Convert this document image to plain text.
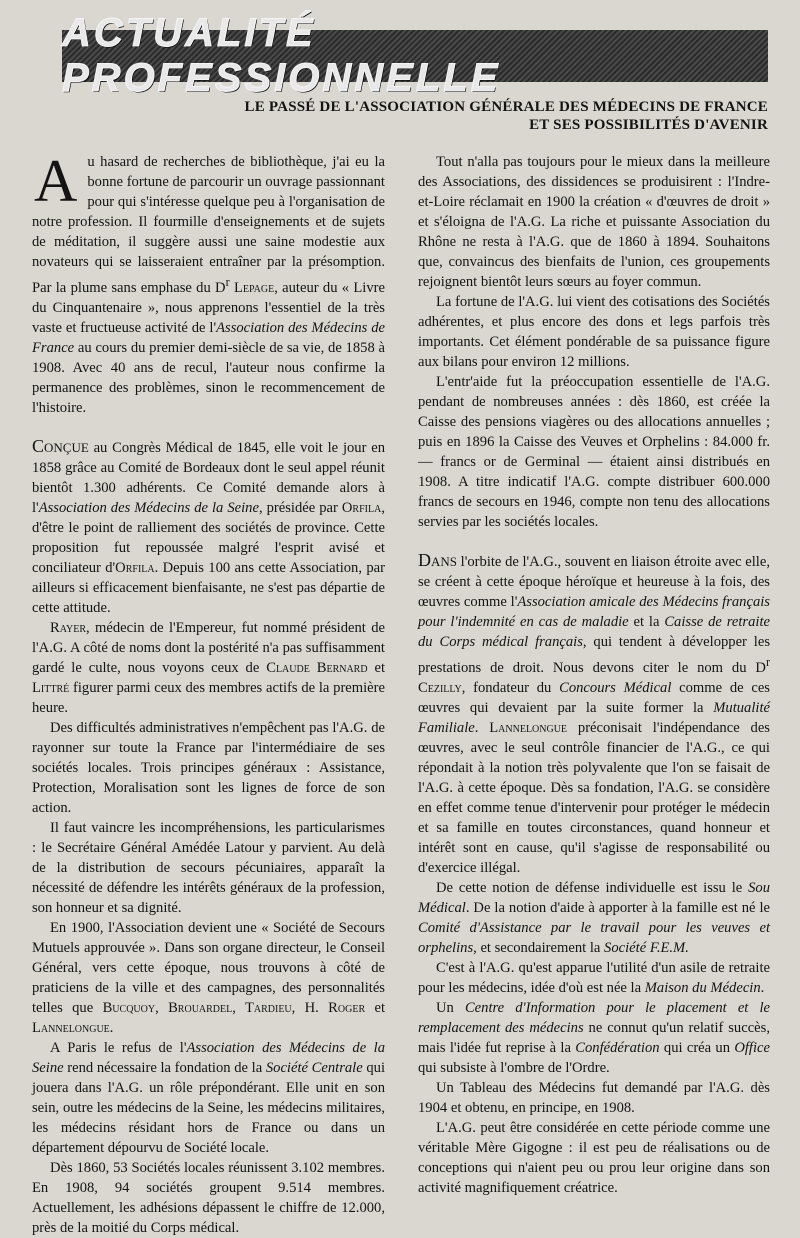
ACTUALITÉ PROFESSIONNELLE
LE PASSÉ DE L'ASSOCIATION GÉNÉRALE DES MÉDECINS DE FRANCE
ET SES POSSIBILITÉS D'AVENIR

Au hasard de recherches de bibliothèque, j'ai eu la bonne fortune de parcourir un ouvrage passionnant pour qui s'intéresse quelque peu à l'organisation de notre profession. Il fourmille d'enseignements et de sujets de méditation, il suggère aussi une saine modestie aux novateurs qui se laisseraient entraîner par la présomption. Par la plume sans emphase du $D^r$ Lepage, auteur du « Livre du Cinquantenaire », nous apprenons l'essentiel de la très vaste et fructueuse activité de l'Association des Médecins de France au cours du premier demi-siècle de sa vie, de 1858 à 1908. Avec 40 ans de recul, l'auteur nous confirme la permanence des problèmes, sinon le recommencement de l'histoire.

Conçue au Congrès Médical de 1845, elle voit le jour en 1858 grâce au Comité de Bordeaux dont le seul appel réunit bientôt 1.300 adhérents. Ce Comité demande alors à l'Association des Médecins de la Seine, présidée par Orfila, d'être le point de ralliement des sociétés de province. Cette proposition fut repoussée malgré l'esprit avisé et conciliateur d'Orfila. Depuis 100 ans cette Association, par ailleurs si efficacement bienfaisante, ne s'est pas départie de cette attitude.

Rayer, médecin de l'Empereur, fut nommé président de l'A.G. A côté de noms dont la postérité n'a pas suffisamment gardé le culte, nous voyons ceux de Claude Bernard et Littré figurer parmi ceux des membres actifs de la première heure.

Des difficultés administratives n'empêchent pas l'A.G. de rayonner sur toute la France par l'intermédiaire de ses sociétés locales. Trois principes généraux : Assistance, Protection, Moralisation sont les lignes de force de son action.

Il faut vaincre les incompréhensions, les particularismes : le Secrétaire Général Amédée Latour y parvient. Au delà de la distribution de secours pécuniaires, apparaît la nécessité de défendre les intérêts généraux de la profession, son honneur et sa dignité.

En 1900, l'Association devient une « Société de Secours Mutuels approuvée ». Dans son organe directeur, le Conseil Général, vers cette époque, nous trouvons à côté de praticiens de la ville et des campagnes, des personnalités telles que Bucquoy, Brouardel, Tardieu, H. Roger et Lannelongue.

A Paris le refus de l'Association des Médecins de la Seine rend nécessaire la fondation de la Société Centrale qui jouera dans l'A.G. un rôle prépondérant. Elle unit en son sein, outre les médecins de la Seine, les médecins militaires, les médecins résidant hors de France ou dans un département dépourvu de Société locale.

Dès 1860, 53 Sociétés locales réunissent 3.102 membres. En 1908, 94 sociétés groupent 9.514 membres. Actuellement, les adhésions dépassent le chiffre de 12.000, près de la moitié du Corps médical.

Tout n'alla pas toujours pour le mieux dans la meilleure des Associations, des dissidences se produisirent : l'Indre-et-Loire réclamait en 1900 la création « d'œuvres de droit » et s'éloigna de l'A.G. La riche et puissante Association du Rhône ne resta à l'A.G. que de 1860 à 1894. Souhaitons que, convaincus des bienfaits de l'union, ces groupements rejoignent bientôt leurs sœurs au foyer commun.

La fortune de l'A.G. lui vient des cotisations des Sociétés adhérentes, et plus encore des dons et legs parfois très importants. Cet élément pondérable de sa puissance figure aux bilans pour environ 12 millions.

L'entr'aide fut la préoccupation essentielle de l'A.G. pendant de nombreuses années : dès 1860, est créée la Caisse des pensions viagères ou des allocations annuelles ; puis en 1896 la Caisse des Veuves et Orphelins : 84.000 fr. — francs or de Germinal — étaient ainsi distribués en 1908. A titre indicatif l'A.G. compte distribuer 600.000 francs de secours en 1946, compte non tenu des allocations servies par les sociétés locales.

Dans l'orbite de l'A.G., souvent en liaison étroite avec elle, se créent à cette époque héroïque et heureuse à la fois, des œuvres comme l'Association amicale des Médecins français pour l'indemnité en cas de maladie et la Caisse de retraite du Corps médical français, qui tendent à développer les prestations de droit. Nous devons citer le nom du $D^r$ Cezilly, fondateur du Concours Médical comme de ces œuvres qui devaient par la suite former la Mutualité Familiale. Lannelongue préconisait l'indépendance des œuvres, avec le seul contrôle financier de l'A.G., ce qui répondait à la notion très polyvalente que l'on se faisait de l'A.G. à cette époque. Dès sa fondation, l'A.G. se considère en effet comme tenue d'intervenir pour protéger le médecin et sa famille en toutes circonstances, quand honneur et intérêt sont en cause, qu'il s'agisse de responsabilité ou d'exercice illégal.

De cette notion de défense individuelle est issu le Sou Médical. De la notion d'aide à apporter à la famille est né le Comité d'Assistance par le travail pour les veuves et orphelins, et secondairement la Société F.E.M.

C'est à l'A.G. qu'est apparue l'utilité d'un asile de retraite pour les médecins, idée d'où est née la Maison du Médecin.

Un Centre d'Information pour le placement et le remplacement des médecins ne connut qu'un relatif succès, mais l'idée fut reprise à la Confédération qui créa un Office qui subsiste à l'ombre de l'Ordre.

Un Tableau des Médecins fut demandé par l'A.G. dès 1904 et obtenu, en principe, en 1908.

L'A.G. peut être considérée en cette période comme une véritable Mère Gigogne : il est peu de réalisations ou de conceptions qui n'aient peu ou prou leur origine dans son activité magnifiquement créatrice.
